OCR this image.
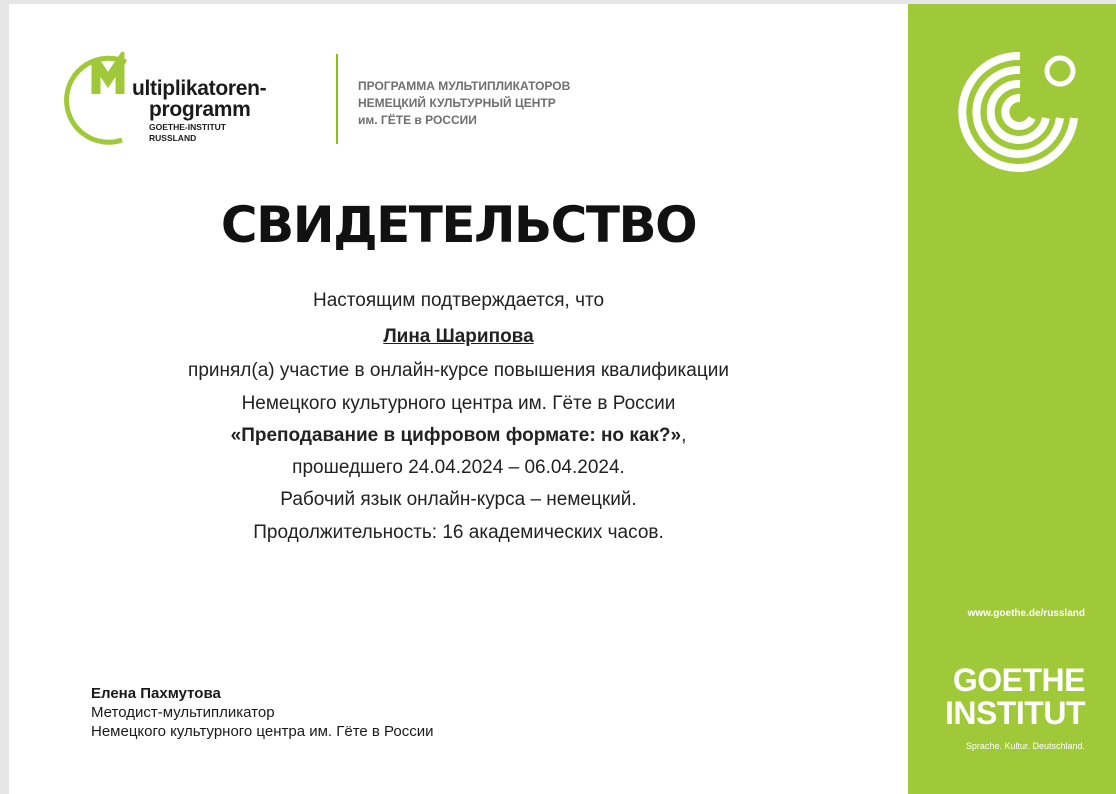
ultiplikatoren-
programm
GOETHE-INSTITUT
RUSSLAND
ПРОГРАММА МУЛЬТИПЛИКАТОРОВ
НЕМЕЦКИЙ КУЛЬТУРНЫЙ ЦЕНТР
им. ГЁТЕ в РОССИИ
СВИДЕТЕЛЬСТВО
Настоящим подтверждается, что
Лина Шарипова
принял(а) участие в онлайн-курсе повышения квалификации
Немецкого культурного центра им. Гёте в России
«Преподавание в цифровом формате: но как?»,
прошедшего 24.04.2024 – 06.04.2024.
Рабочий язык онлайн-курса – немецкий.
Продолжительность: 16 академических часов.
Елена Пахмутова
Методист-мультипликатор
Немецкого культурного центра им. Гёте в России
www.goethe.de/russland
GOETHE
INSTITUT
Sprache. Kultur. Deutschland.
